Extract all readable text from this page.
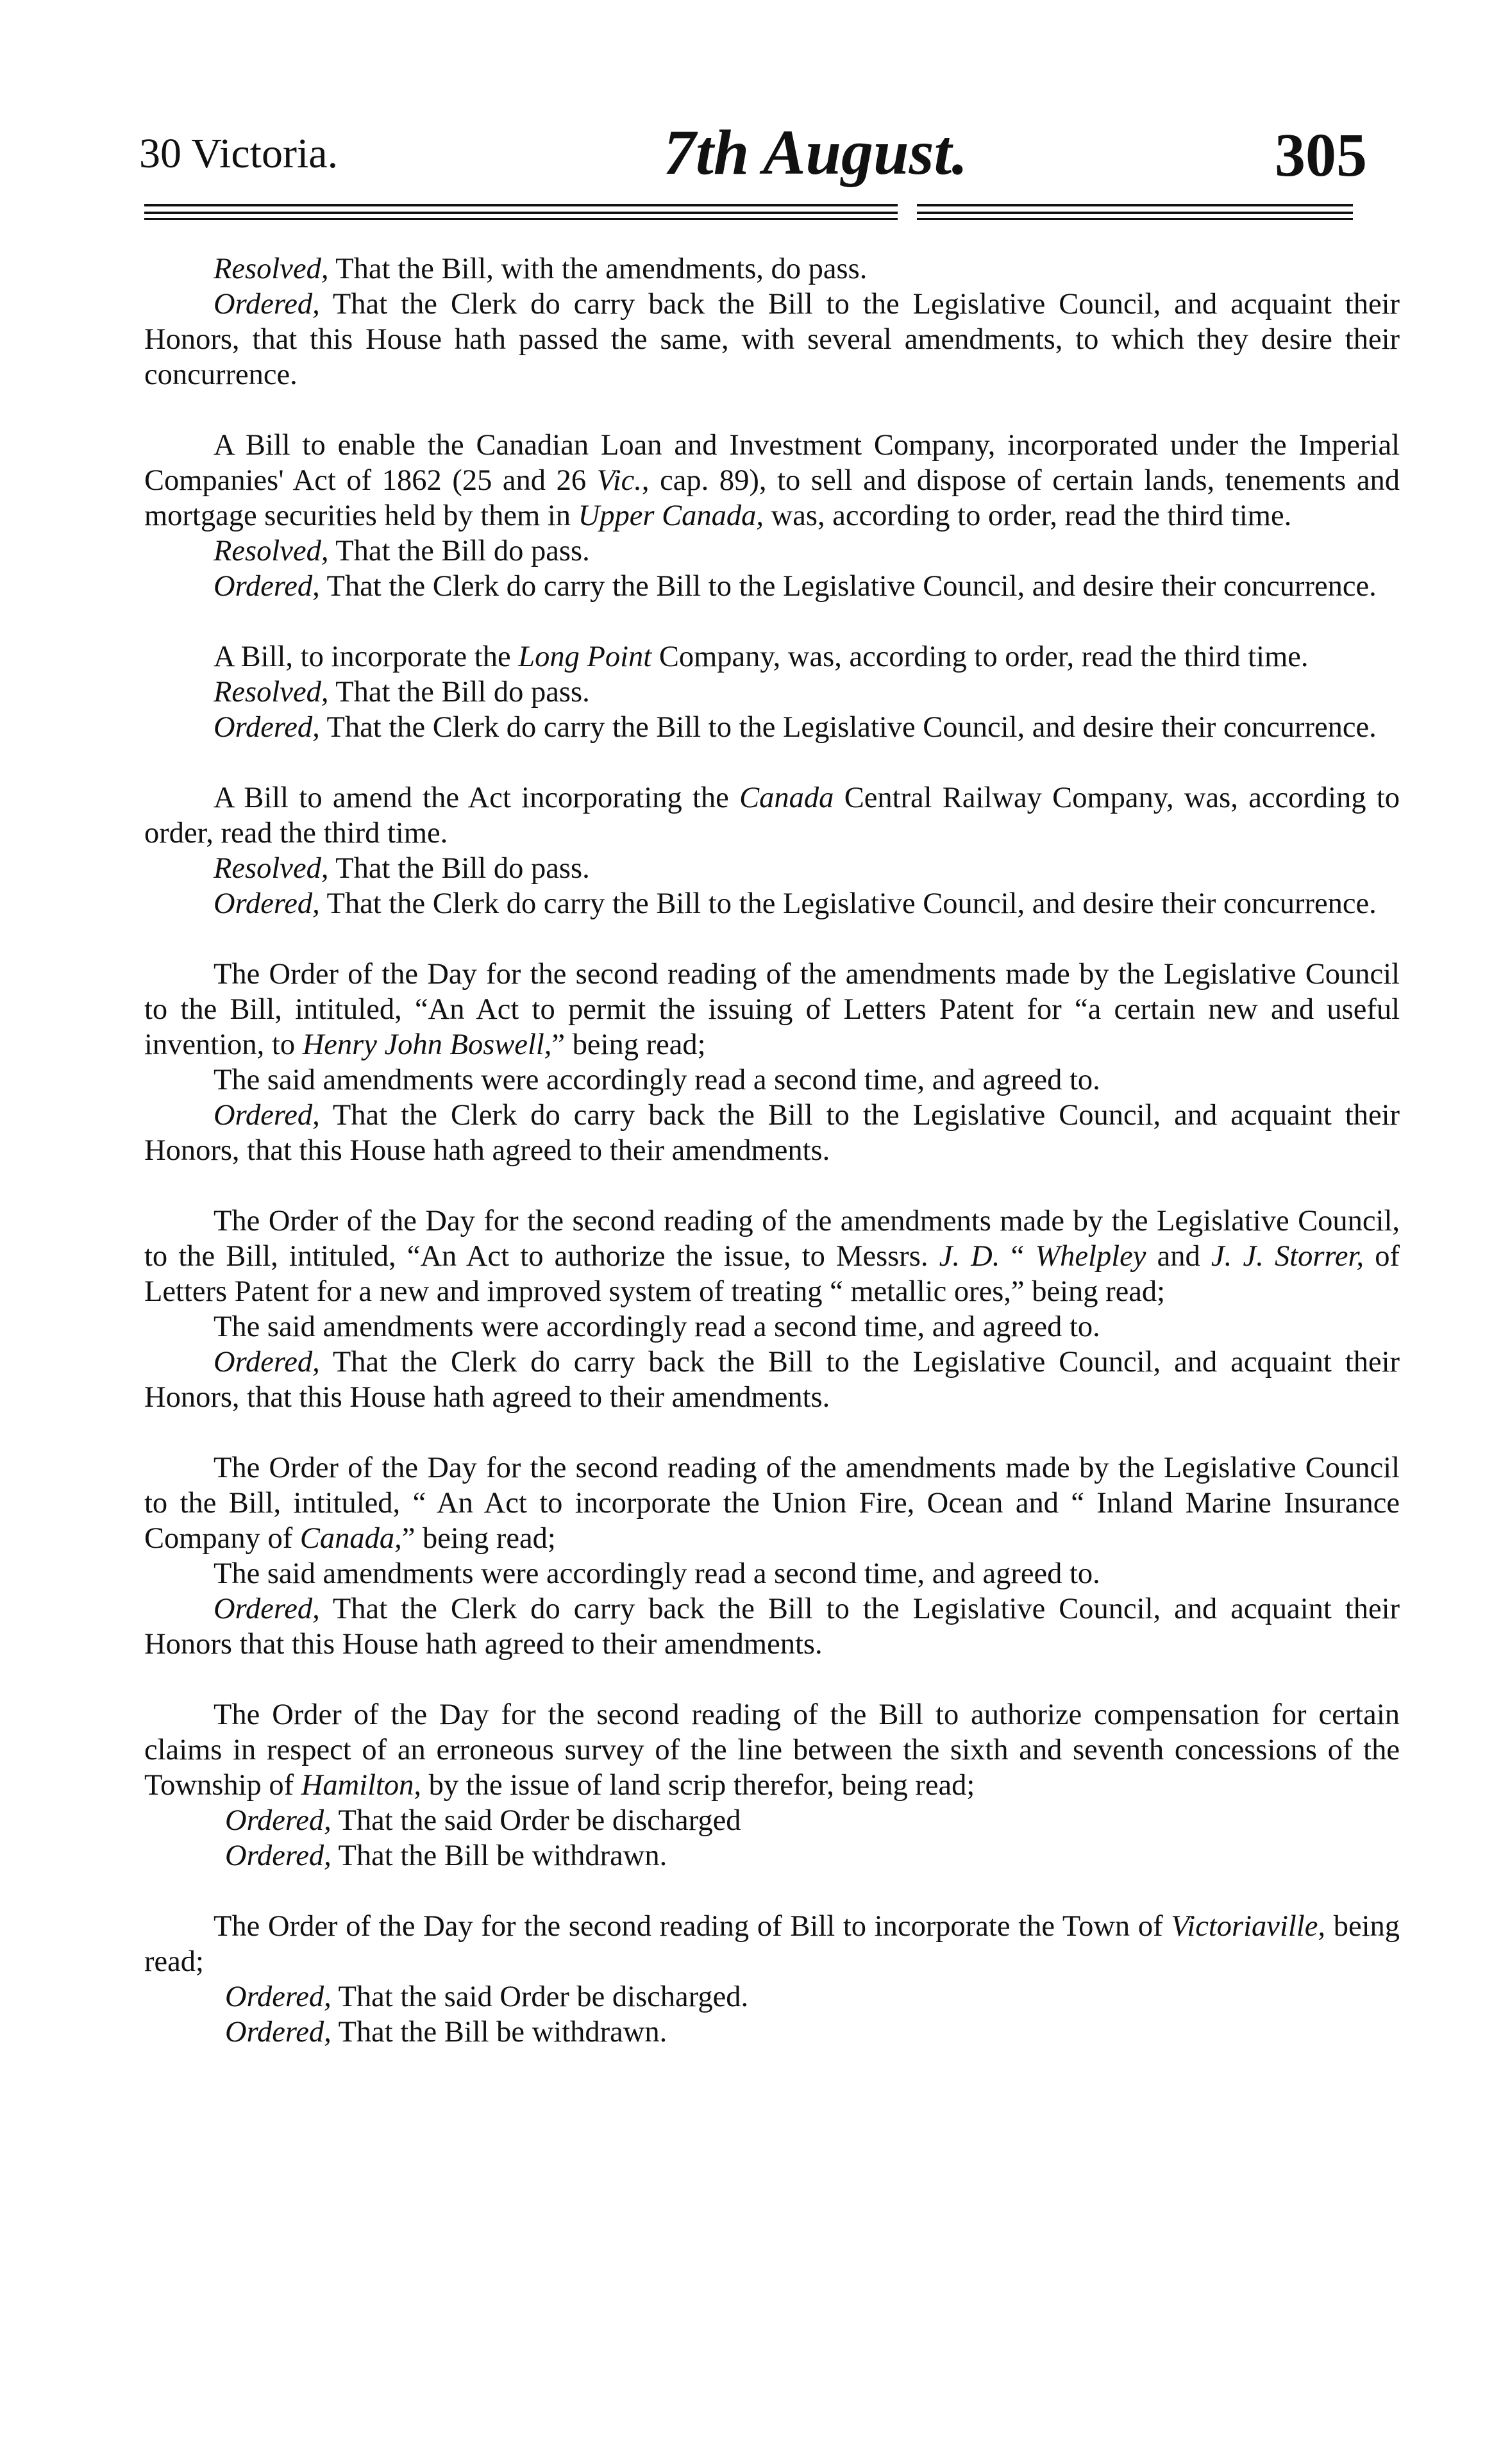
30 Victoria.	7th August.	305
Resolved, That the Bill, with the amendments, do pass.
Ordered, That the Clerk do carry back the Bill to the Legislative Council, and acquaint their Honors, that this House hath passed the same, with several amendments, to which they desire their concurrence.
A Bill to enable the Canadian Loan and Investment Company, incorporated under the Imperial Companies' Act of 1862 (25 and 26 Vic., cap. 89), to sell and dispose of certain lands, tenements and mortgage securities held by them in Upper Canada, was, according to order, read the third time.
Resolved, That the Bill do pass.
Ordered, That the Clerk do carry the Bill to the Legislative Council, and desire their concurrence.
A Bill, to incorporate the Long Point Company, was, according to order, read the third time.
Resolved, That the Bill do pass.
Ordered, That the Clerk do carry the Bill to the Legislative Council, and desire their concurrence.
A Bill to amend the Act incorporating the Canada Central Railway Company, was, according to order, read the third time.
Resolved, That the Bill do pass.
Ordered, That the Clerk do carry the Bill to the Legislative Council, and desire their concurrence.
The Order of the Day for the second reading of the amendments made by the Legislative Council to the Bill, intituled, “An Act to permit the issuing of Letters Patent for “a certain new and useful invention, to Henry John Boswell,” being read;
The said amendments were accordingly read a second time, and agreed to.
Ordered, That the Clerk do carry back the Bill to the Legislative Council, and acquaint their Honors, that this House hath agreed to their amendments.
The Order of the Day for the second reading of the amendments made by the Legislative Council, to the Bill, intituled, “An Act to authorize the issue, to Messrs. J. D. “ Whelpley and J. J. Storrer, of Letters Patent for a new and improved system of treating “ metallic ores,” being read;
The said amendments were accordingly read a second time, and agreed to.
Ordered, That the Clerk do carry back the Bill to the Legislative Council, and acquaint their Honors, that this House hath agreed to their amendments.
The Order of the Day for the second reading of the amendments made by the Legislative Council to the Bill, intituled, “ An Act to incorporate the Union Fire, Ocean and “ Inland Marine Insurance Company of Canada,” being read;
The said amendments were accordingly read a second time, and agreed to.
Ordered, That the Clerk do carry back the Bill to the Legislative Council, and acquaint their Honors that this House hath agreed to their amendments.
The Order of the Day for the second reading of the Bill to authorize compensation for certain claims in respect of an erroneous survey of the line between the sixth and seventh concessions of the Township of Hamilton, by the issue of land scrip therefor, being read;
Ordered, That the said Order be discharged
Ordered, That the Bill be withdrawn.
The Order of the Day for the second reading of Bill to incorporate the Town of Victoriaville, being read;
Ordered, That the said Order be discharged.
Ordered, That the Bill be withdrawn.
